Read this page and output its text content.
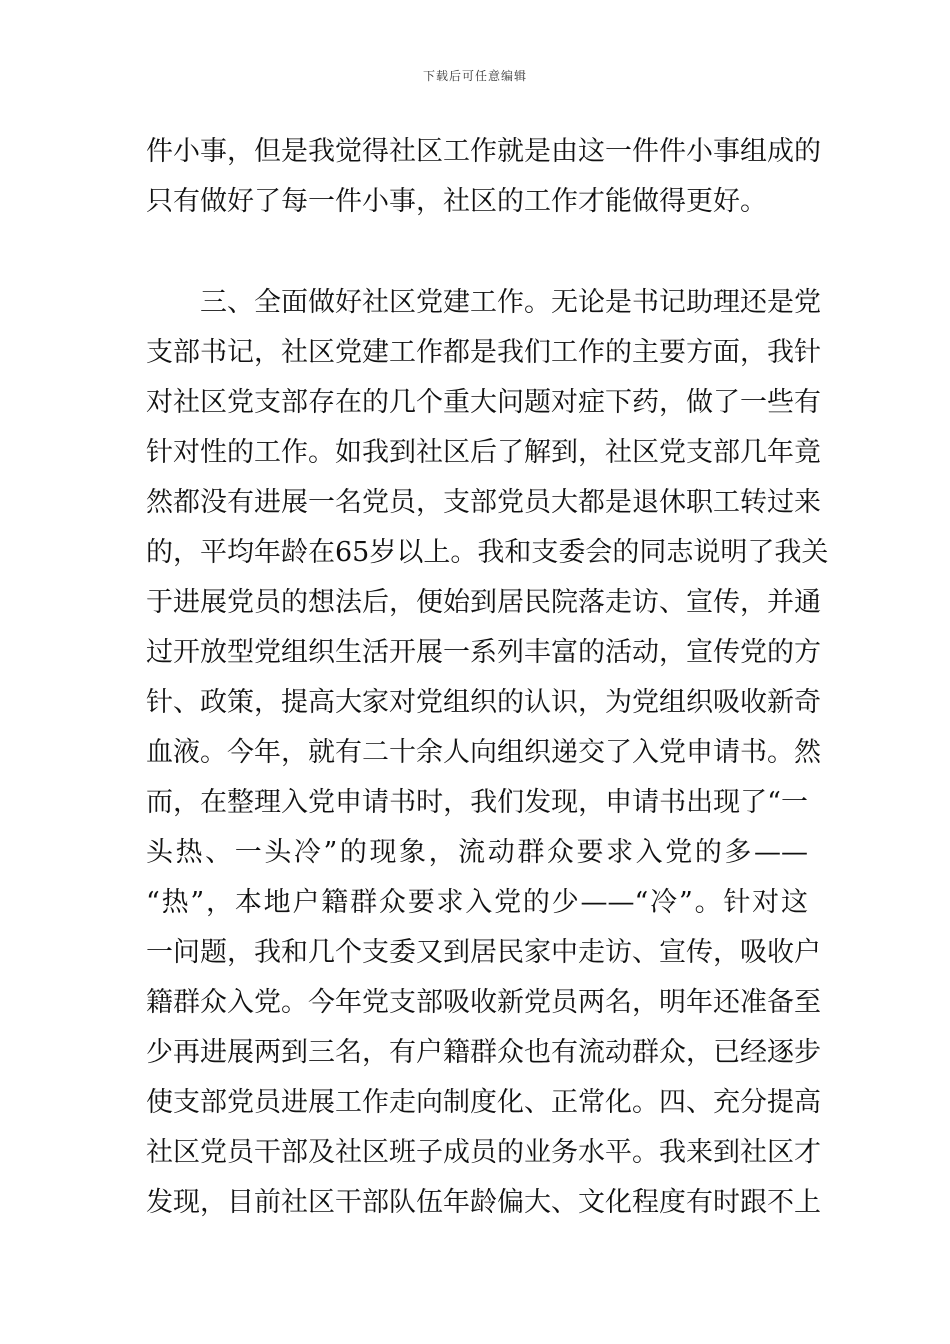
下载后可任意编辑
件小事，但是我觉得社区工作就是由这一件件小事组成的
只有做好了每一件小事，社区的工作才能做得更好。
三、全面做好社区党建工作。无论是书记助理还是党
支部书记，社区党建工作都是我们工作的主要方面，我针
对社区党支部存在的几个重大问题对症下药，做了一些有
针对性的工作。如我到社区后了解到，社区党支部几年竟
然都没有进展一名党员，支部党员大都是退休职工转过来
的，平均年龄在65岁以上。我和支委会的同志说明了我关
于进展党员的想法后，便始到居民院落走访、宣传，并通
过开放型党组织生活开展一系列丰富的活动，宣传党的方
针、政策，提高大家对党组织的认识，为党组织吸收新奇
血液。今年，就有二十余人向组织递交了入党申请书。然
而，在整理入党申请书时，我们发现，申请书出现了“一
头热、一头冷”的现象，流动群众要求入党的多——
“热”，本地户籍群众要求入党的少——“冷”。针对这
一问题，我和几个支委又到居民家中走访、宣传，吸收户
籍群众入党。今年党支部吸收新党员两名，明年还准备至
少再进展两到三名，有户籍群众也有流动群众，已经逐步
使支部党员进展工作走向制度化、正常化。四、充分提高
社区党员干部及社区班子成员的业务水平。我来到社区才
发现，目前社区干部队伍年龄偏大、文化程度有时跟不上
